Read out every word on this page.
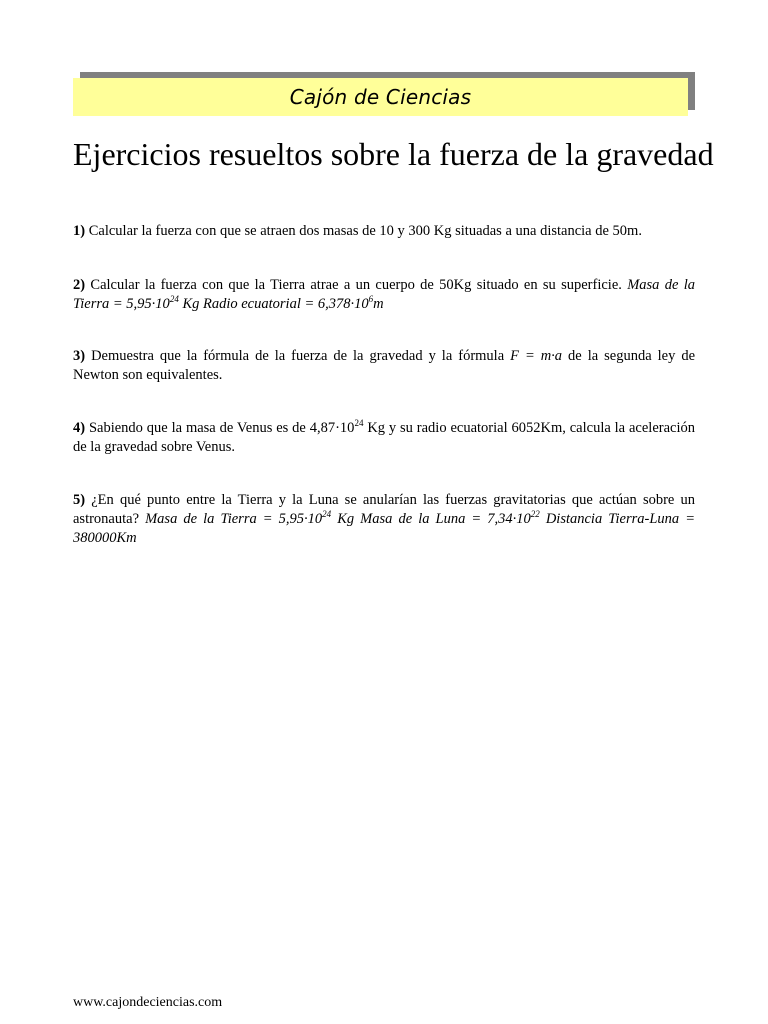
Cajón de Ciencias
Ejercicios resueltos sobre la fuerza de la gravedad

1) Calcular la fuerza con que se atraen dos masas de 10 y 300 Kg situadas a una distancia de 50m.

2) Calcular la fuerza con que la Tierra atrae a un cuerpo de 50Kg situado en su superficie. Masa de la Tierra = $5,95\cdot 10^{24}$ Kg Radio ecuatorial = $6,378\cdot 10^6m$

3) Demuestra que la fórmula de la fuerza de la gravedad y la fórmula F = m·a de la segunda ley de Newton son equivalentes.

4) Sabiendo que la masa de Venus es de $4,87\cdot 10^{24}$ Kg y su radio ecuatorial 6052Km, calcula la aceleración de la gravedad sobre Venus.

5) ¿En qué punto entre la Tierra y la Luna se anularían las fuerzas gravitatorias que actúan sobre un astronauta? Masa de la Tierra = $5,95\cdot 10^{24}$ Kg Masa de la Luna = $7,34\cdot 10^{22}$ Distancia Tierra-Luna = 380000Km

www.cajondeciencias.com
